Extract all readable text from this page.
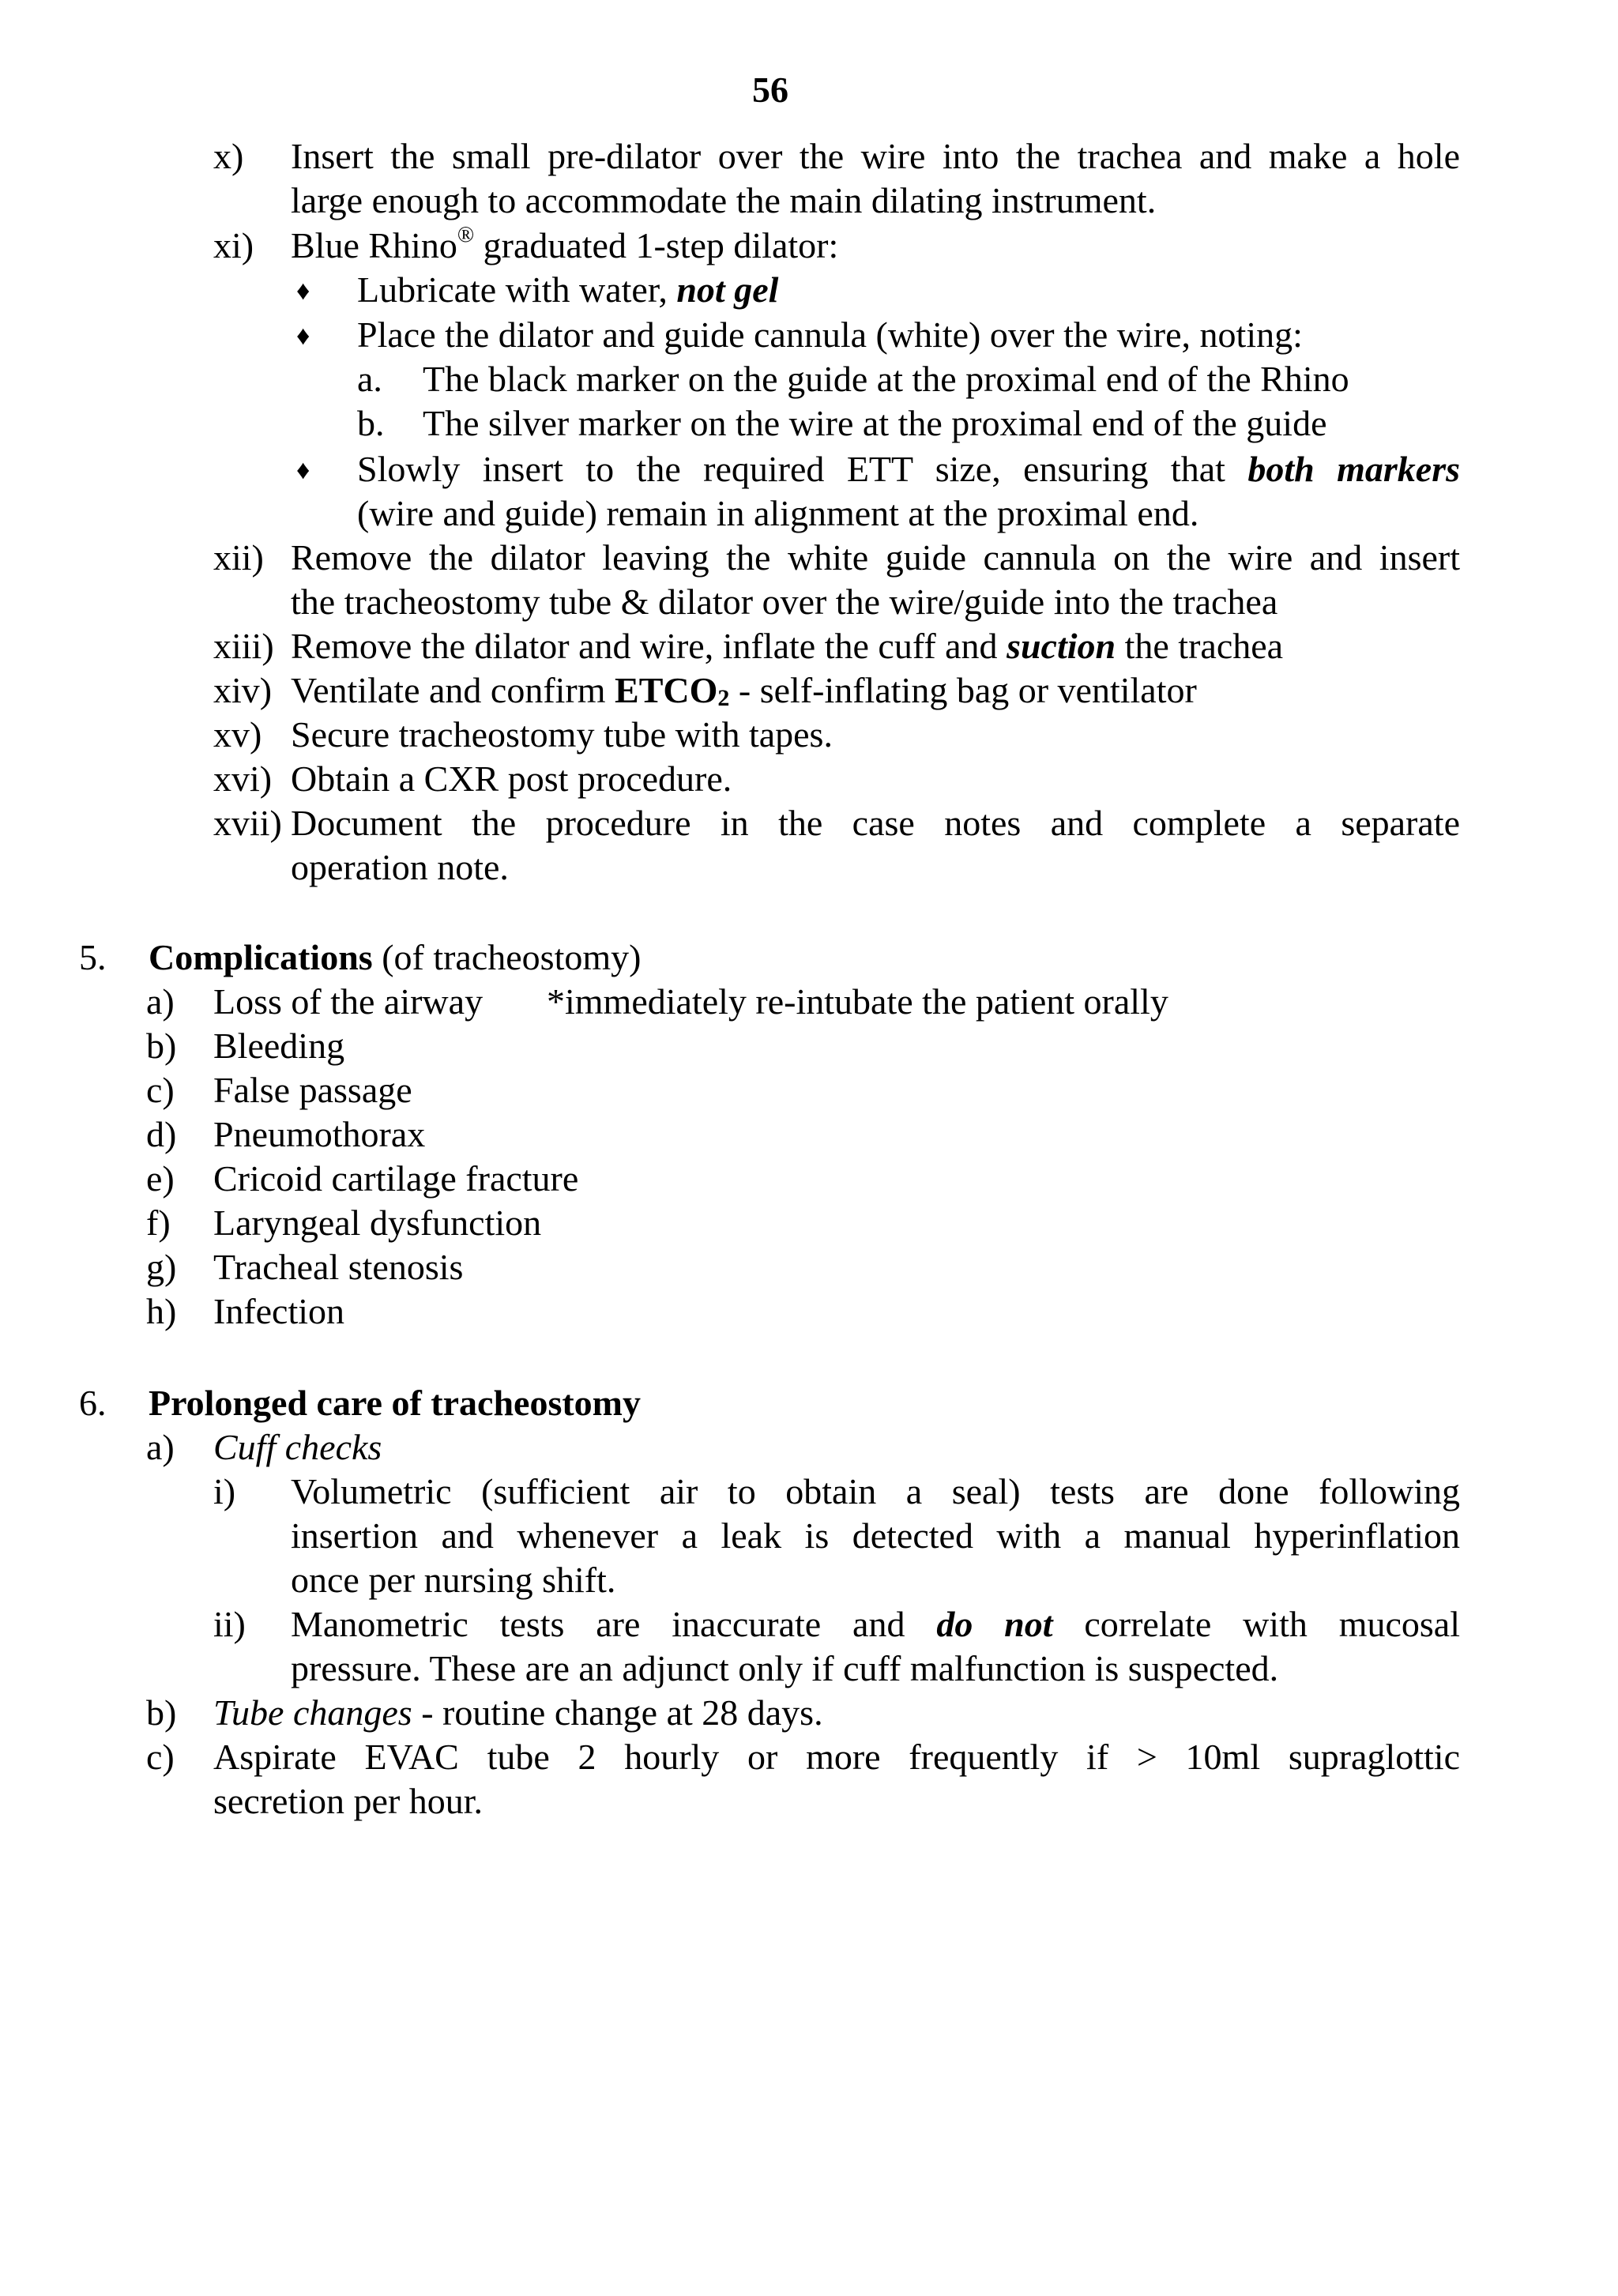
56
x) Insert the small pre-dilator over the wire into the trachea and make a hole
large enough to accommodate the main dilating instrument.
xi) Blue Rhino® graduated 1-step dilator:
♦ Lubricate with water, not gel
♦ Place the dilator and guide cannula (white) over the wire, noting:
a. The black marker on the guide at the proximal end of the Rhino
b. The silver marker on the wire at the proximal end of the guide
♦ Slowly insert to the required ETT size, ensuring that both markers
(wire and guide) remain in alignment at the proximal end.
xii) Remove the dilator leaving the white guide cannula on the wire and insert
the tracheostomy tube & dilator over the wire/guide into the trachea
xiii) Remove the dilator and wire, inflate the cuff and suction the trachea
xiv) Ventilate and confirm $ETCO_2$ - self-inflating bag or ventilator
xv) Secure tracheostomy tube with tapes.
xvi) Obtain a CXR post procedure.
xvii) Document the procedure in the case notes and complete a separate
operation note.
5. Complications (of tracheostomy)
a) Loss of the airway *immediately re-intubate the patient orally
b) Bleeding
c) False passage
d) Pneumothorax
e) Cricoid cartilage fracture
f) Laryngeal dysfunction
g) Tracheal stenosis
h) Infection
6. Prolonged care of tracheostomy
a) Cuff checks
i) Volumetric (sufficient air to obtain a seal) tests are done following
insertion and whenever a leak is detected with a manual hyperinflation
once per nursing shift.
ii) Manometric tests are inaccurate and do not correlate with mucosal
pressure. These are an adjunct only if cuff malfunction is suspected.
b) Tube changes - routine change at 28 days.
c) Aspirate EVAC tube 2 hourly or more frequently if > 10ml supraglottic
secretion per hour.
